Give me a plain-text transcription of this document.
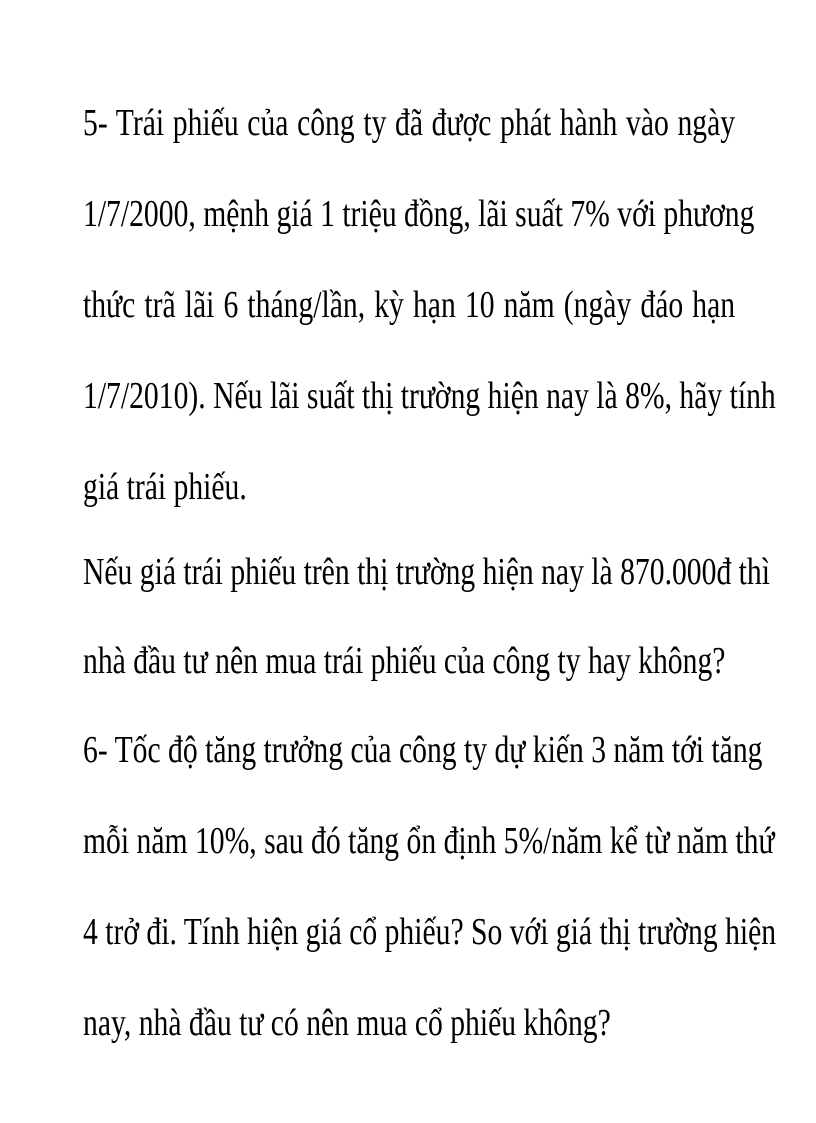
5- Trái phiếu của công ty đã được phát hành vào ngày
1/7/2000, mệnh giá 1 triệu đồng, lãi suất 7% với phương
thức trã lãi 6 tháng/lần, kỳ hạn 10 năm (ngày đáo hạn
1/7/2010). Nếu lãi suất thị trường hiện nay là 8%, hãy tính
giá trái phiếu.
Nếu giá trái phiếu trên thị trường hiện nay là 870.000đ thì
nhà đầu tư nên mua trái phiếu của công ty hay không?
6- Tốc độ tăng trưởng của công ty dự kiến 3 năm tới tăng
mỗi năm 10%, sau đó tăng ổn định 5%/năm kể từ năm thứ
4 trở đi. Tính hiện giá cổ phiếu? So với giá thị trường hiện
nay, nhà đầu tư có nên mua cổ phiếu không?
